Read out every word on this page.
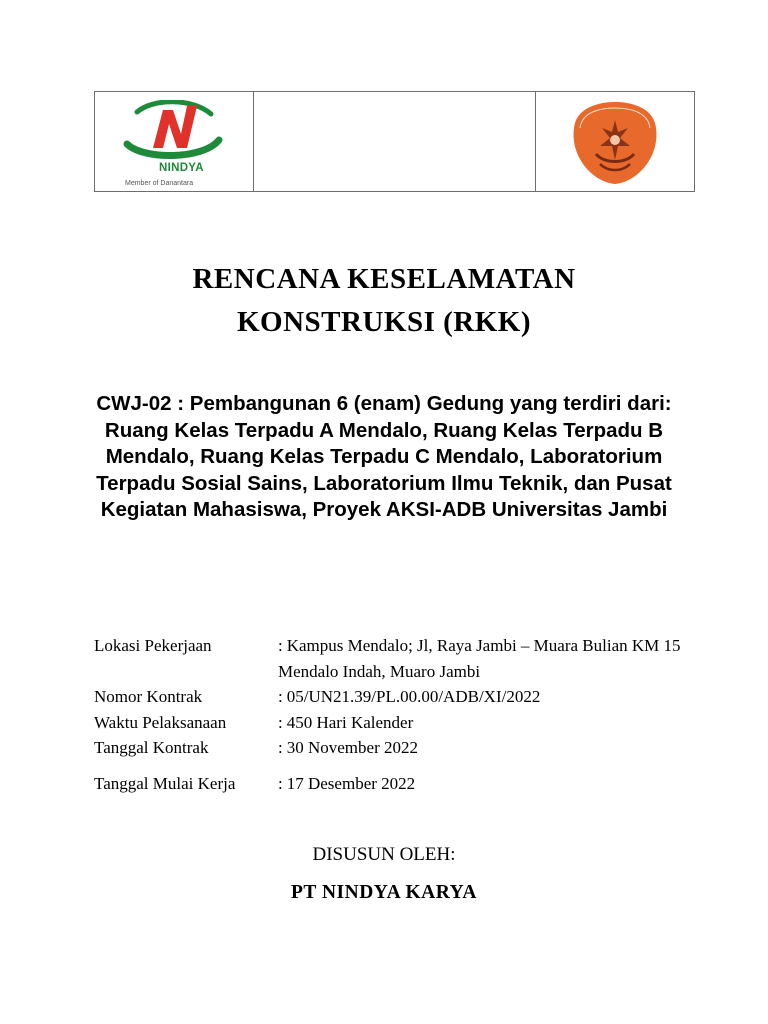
NINDYA
Member of Danantara
RENCANA KESELAMATAN
KONSTRUKSI (RKK)
CWJ-02 : Pembangunan 6 (enam) Gedung yang terdiri dari: Ruang Kelas Terpadu A Mendalo, Ruang Kelas Terpadu B Mendalo, Ruang Kelas Terpadu C Mendalo, Laboratorium Terpadu Sosial Sains, Laboratorium Ilmu Teknik, dan Pusat Kegiatan Mahasiswa, Proyek AKSI-ADB Universitas Jambi
Lokasi Pekerjaan	: Kampus Mendalo; Jl, Raya Jambi – Muara Bulian KM 15 Mendalo Indah, Muaro Jambi
Nomor Kontrak	: 05/UN21.39/PL.00.00/ADB/XI/2022
Waktu Pelaksanaan	: 450 Hari Kalender
Tanggal Kontrak	: 30 November 2022
Tanggal Mulai Kerja	: 17 Desember 2022
DISUSUN OLEH:
PT NINDYA KARYA
